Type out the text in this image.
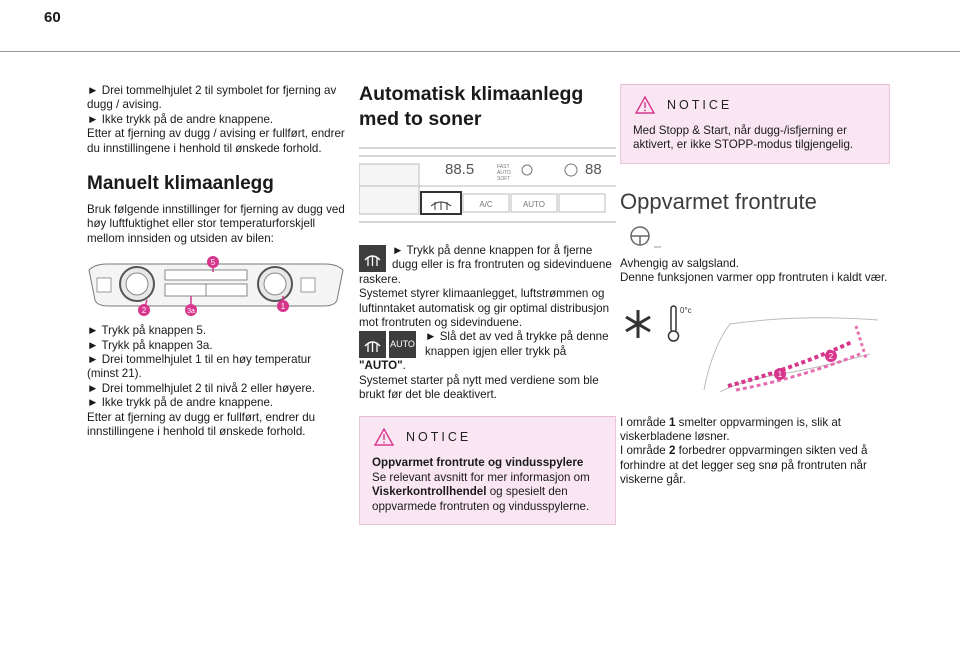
60
► Drei tommelhjulet 2 til symbolet for fjerning av dugg / avising.
► Ikke trykk på de andre knappene.
Etter at fjerning av dugg / avising er fullført, endrer du innstillingene i henhold til ønskede forhold.
Manuelt klimaanlegg
Bruk følgende innstillinger for fjerning av dugg ved høy luftfuktighet eller stor temperaturforskjell mellom innsiden og utsiden av bilen:
5
2	3a
1
► Trykk på knappen 5.
► Trykk på knappen 3a.
► Drei tommelhjulet 1 til en høy temperatur (minst 21).
► Drei tommelhjulet 2 til nivå 2 eller høyere.
► Ikke trykk på de andre knappene.
Etter at fjerning av dugg er fullført, endrer du innstillingene i henhold til ønskede forhold.
Automatisk klimaanlegg
med to soner
88.5	FAST
AUTO
SOFT
88
A/C	AUTO
► Trykk på denne knappen for å fjerne dugg eller is fra frontruten og sidevinduene raskere.
Systemet styrer klimaanlegget, luftstrømmen og luftinntaket automatisk og gir optimal distribusjon mot frontruten og sidevinduene.
AUTO
► Slå det av ved å trykke på denne knappen igjen eller trykk på "AUTO".
Systemet starter på nytt med verdiene som ble brukt før det ble deaktivert.
NOTICE
Oppvarmet frontrute og vindusspylere
Se relevant avsnitt for mer informasjon om Viskerkontrollhendel og spesielt den oppvarmede frontruten og vindusspylerne.
NOTICE
Med Stopp & Start, når dugg-/isfjerning er aktivert, er ikke STOPP-modus tilgjengelig.
Oppvarmet frontrute
Avhengig av salgsland.
Denne funksjonen varmer opp frontruten i kaldt vær.
0°c
1
2
I område 1 smelter oppvarmingen is, slik at viskerbladene løsner.
I område 2 forbedrer oppvarmingen sikten ved å forhindre at det legger seg snø på frontruten når viskerne går.
